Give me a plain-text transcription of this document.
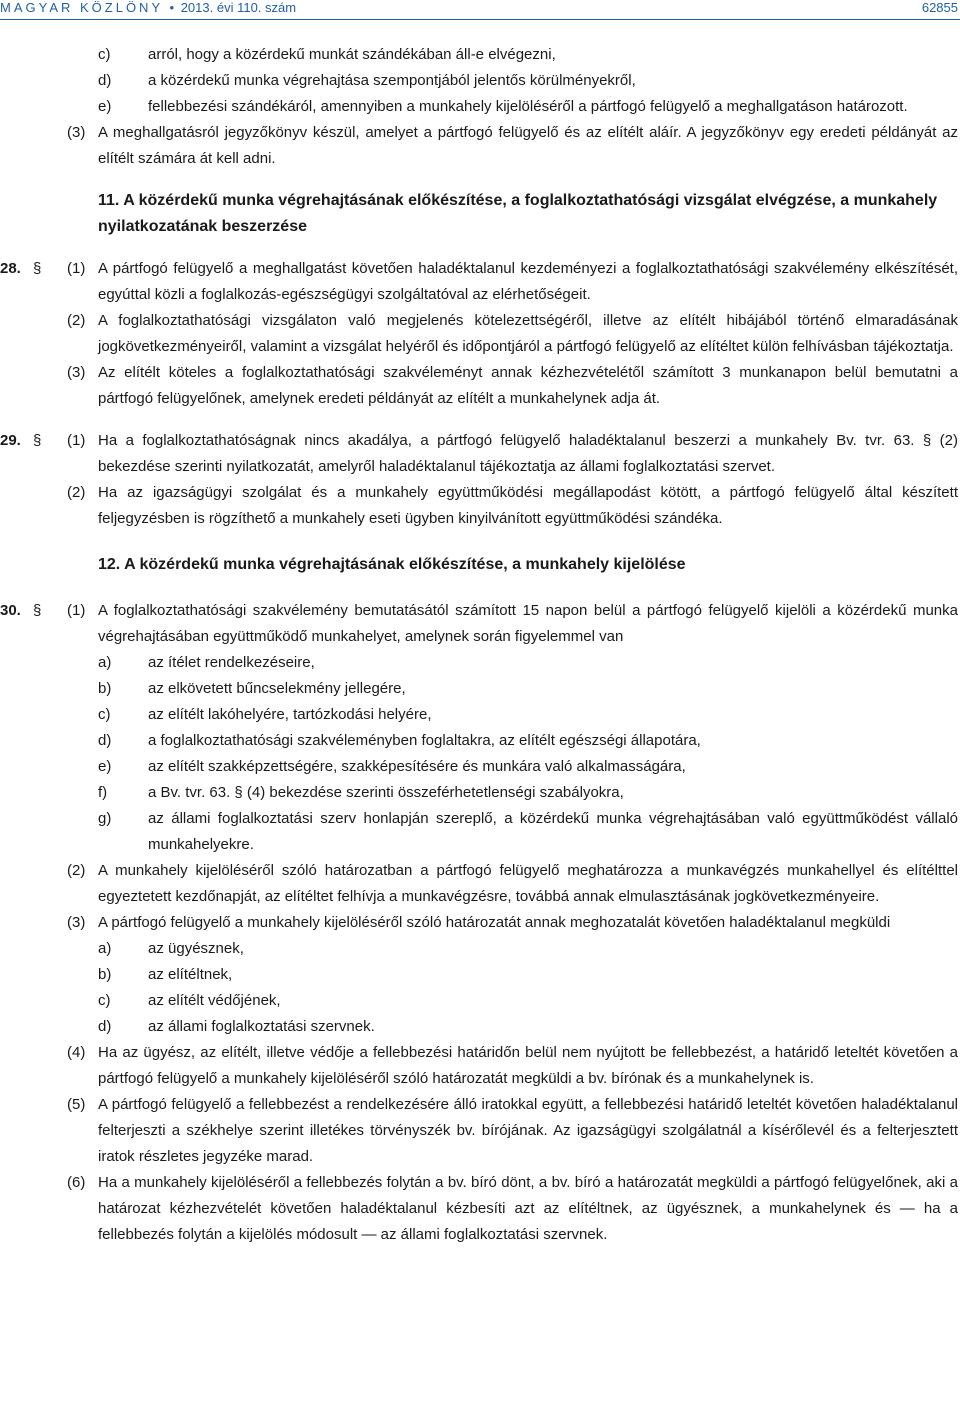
MAGYAR KÖZLÖNY • 2013. évi 110. szám	62855
c)	arról, hogy a közérdekű munkát szándékában áll-e elvégezni,
d) a közérdekű munka végrehajtása szempontjából jelentős körülményekről,
e) fellebbezési szándékáról, amennyiben a munkahely kijelöléséről a pártfogó felügyelő a meghallgatáson határozott.
(3) A meghallgatásról jegyzőkönyv készül, amelyet a pártfogó felügyelő és az elítélt aláír. A jegyzőkönyv egy eredeti példányát az elítélt számára át kell adni.
11. A közérdekű munka végrehajtásának előkészítése, a foglalkoztathatósági vizsgálat elvégzése, a munkahely nyilatkozatának beszerzése
28. § (1) A pártfogó felügyelő a meghallgatást követően haladéktalanul kezdeményezi a foglalkoztathatósági szakvélemény elkészítését, egyúttal közli a foglalkozás-egészségügyi szolgáltatóval az elérhetőségeit.
(2) A foglalkoztathatósági vizsgálaton való megjelenés kötelezettségéről, illetve az elítélt hibájából történő elmaradásának jogkövetkezményeiről, valamint a vizsgálat helyéről és időpontjáról a pártfogó felügyelő az elítéltet külön felhívásban tájékoztatja.
(3) Az elítélt köteles a foglalkoztathatósági szakvéleményt annak kézhezvételétől számított 3 munkanapon belül bemutatni a pártfogó felügyelőnek, amelynek eredeti példányát az elítélt a munkahelynek adja át.
29. § (1) Ha a foglalkoztathatóságnak nincs akadálya, a pártfogó felügyelő haladéktalanul beszerzi a munkahely Bv. tvr. 63. § (2) bekezdése szerinti nyilatkozatát, amelyről haladéktalanul tájékoztatja az állami foglalkoztatási szervet.
(2) Ha az igazságügyi szolgálat és a munkahely együttműködési megállapodást kötött, a pártfogó felügyelő által készített feljegyzésben is rögzíthető a munkahely eseti ügyben kinyilvánított együttműködési szándéka.
12. A közérdekű munka végrehajtásának előkészítése, a munkahely kijelölése
30. § (1) A foglalkoztathatósági szakvélemény bemutatásától számított 15 napon belül a pártfogó felügyelő kijelöli a közérdekű munka végrehajtásában együttműködő munkahelyet, amelynek során figyelemmel van
a) az ítélet rendelkezéseire,
b) az elkövetett bűncselekmény jellegére,
c)	az elítélt lakóhelyére, tartózkodási helyére,
d) a foglalkoztathatósági szakvéleményben foglaltakra, az elítélt egészségi állapotára,
e) az elítélt szakképzettségére, szakképesítésére és munkára való alkalmasságára,
f)	a Bv. tvr. 63. § (4) bekezdése szerinti összeférhetetlenségi szabályokra,
g) az állami foglalkoztatási szerv honlapján szereplő, a közérdekű munka végrehajtásában való együttműködést vállaló munkahelyekre.
(2) A munkahely kijelöléséről szóló határozatban a pártfogó felügyelő meghatározza a munkavégzés munkahellyel és elítélttel egyeztetett kezdőnapját, az elítéltet felhívja a munkavégzésre, továbbá annak elmulasztásának jogkövetkezményeire.
(3) A pártfogó felügyelő a munkahely kijelöléséről szóló határozatát annak meghozatalát követően haladéktalanul megküldi
a) az ügyésznek,
b) az elítéltnek,
c)	az elítélt védőjének,
d) az állami foglalkoztatási szervnek.
(4) Ha az ügyész, az elítélt, illetve védője a fellebbezési határidőn belül nem nyújtott be fellebbezést, a határidő leteltét követően a pártfogó felügyelő a munkahely kijelöléséről szóló határozatát megküldi a bv. bírónak és a munkahelynek is.
(5) A pártfogó felügyelő a fellebbezést a rendelkezésére álló iratokkal együtt, a fellebbezési határidő leteltét követően haladéktalanul felterjeszti a székhelye szerint illetékes törvényszék bv. bírójának. Az igazságügyi szolgálatnál a kísérőlevél és a felterjesztett iratok részletes jegyzéke marad.
(6) Ha a munkahely kijelöléséről a fellebbezés folytán a bv. bíró dönt, a bv. bíró a határozatát megküldi a pártfogó felügyelőnek, aki a határozat kézhezvételét követően haladéktalanul kézbesíti azt az elítéltnek, az ügyésznek, a munkahelynek és — ha a fellebbezés folytán a kijelölés módosult — az állami foglalkoztatási szervnek.
